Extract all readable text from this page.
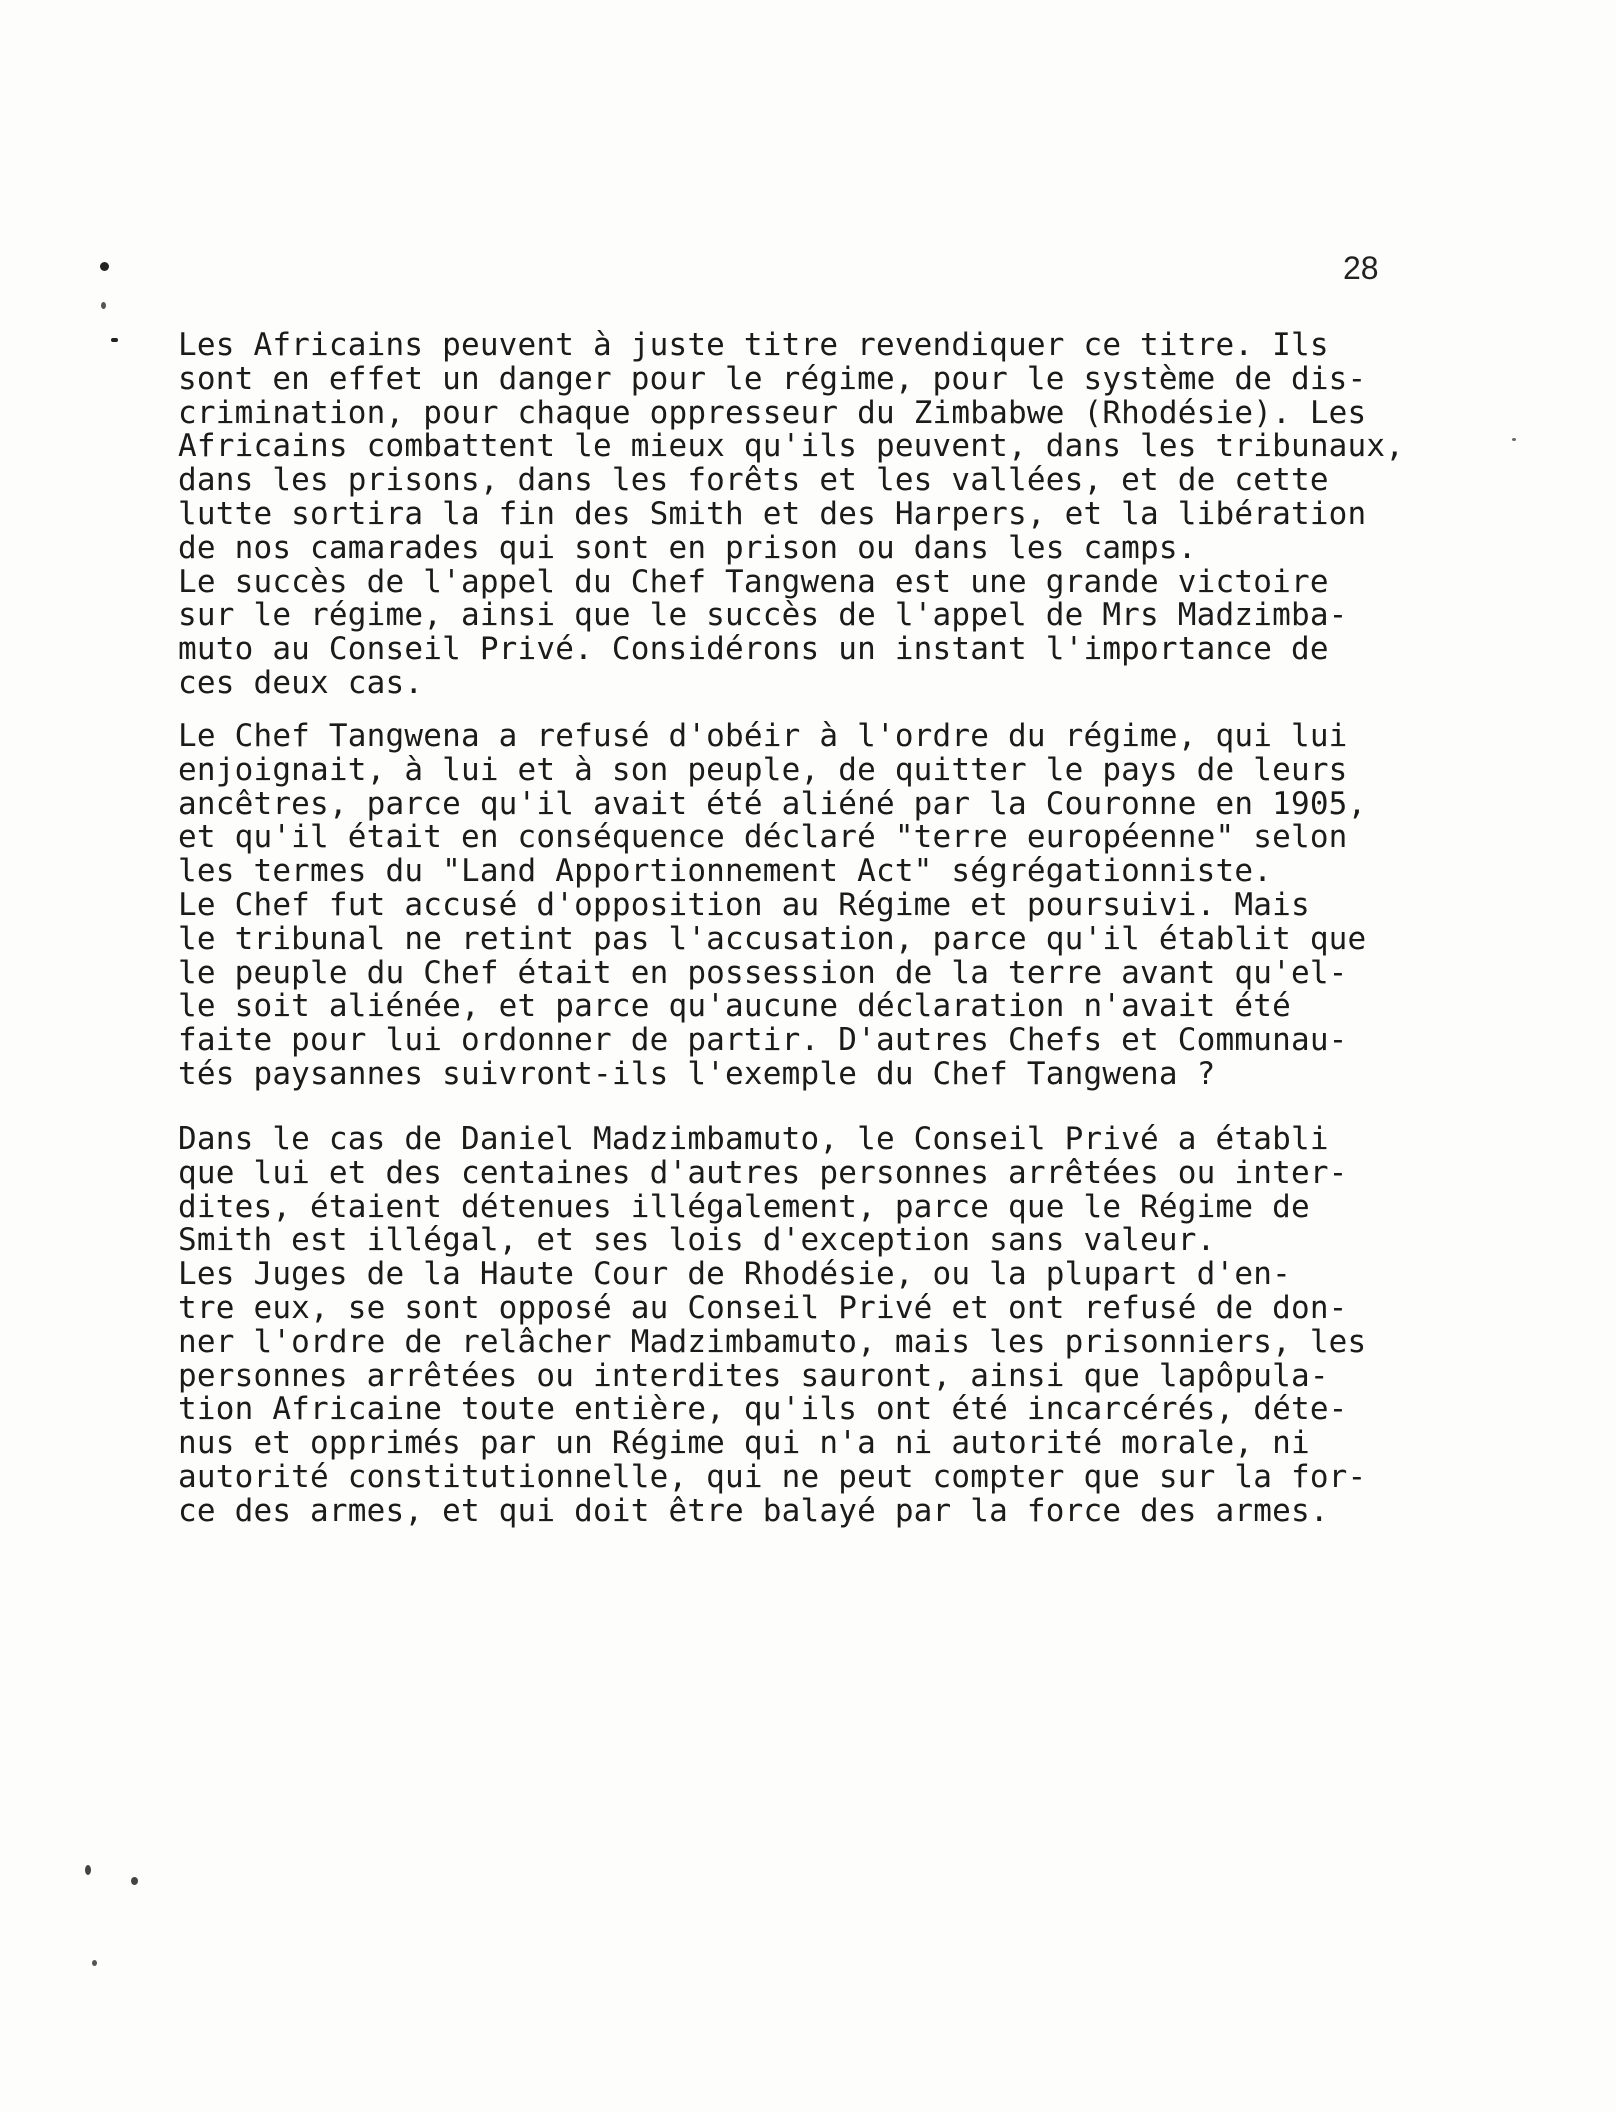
28
Les Africains peuvent à juste titre revendiquer ce titre. Ils
sont en effet un danger pour le régime, pour le système de dis-
crimination, pour chaque oppresseur du Zimbabwe (Rhodésie). Les
Africains combattent le mieux qu'ils peuvent, dans les tribunaux,
dans les prisons, dans les forêts et les vallées, et de cette
lutte sortira la fin des Smith et des Harpers, et la libération
de nos camarades qui sont en prison ou dans les camps.
Le succès de l'appel du Chef Tangwena est une grande victoire
sur le régime, ainsi que le succès de l'appel de Mrs Madzimba-
muto au Conseil Privé. Considérons un instant l'importance de
ces deux cas.
Le Chef Tangwena a refusé d'obéir à l'ordre du régime, qui lui
enjoignait, à lui et à son peuple, de quitter le pays de leurs
ancêtres, parce qu'il avait été aliéné par la Couronne en 1905,
et qu'il était en conséquence déclaré "terre européenne" selon
les termes du "Land Apportionnement Act" ségrégationniste.
Le Chef fut accusé d'opposition au Régime et poursuivi. Mais
le tribunal ne retint pas l'accusation, parce qu'il établit que
le peuple du Chef était en possession de la terre avant qu'el-
le soit aliénée, et parce qu'aucune déclaration n'avait été
faite pour lui ordonner de partir. D'autres Chefs et Communau-
tés paysannes suivront-ils l'exemple du Chef Tangwena ?
Dans le cas de Daniel Madzimbamuto, le Conseil Privé a établi
que lui et des centaines d'autres personnes arrêtées ou inter-
dites, étaient détenues illégalement, parce que le Régime de
Smith est illégal, et ses lois d'exception sans valeur.
Les Juges de la Haute Cour de Rhodésie, ou la plupart d'en-
tre eux, se sont opposé au Conseil Privé et ont refusé de don-
ner l'ordre de relâcher Madzimbamuto, mais les prisonniers, les
personnes arrêtées ou interdites sauront, ainsi que lapôpula-
tion Africaine toute entière, qu'ils ont été incarcérés, déte-
nus et opprimés par un Régime qui n'a ni autorité morale, ni
autorité constitutionnelle, qui ne peut compter que sur la for-
ce des armes, et qui doit être balayé par la force des armes.
